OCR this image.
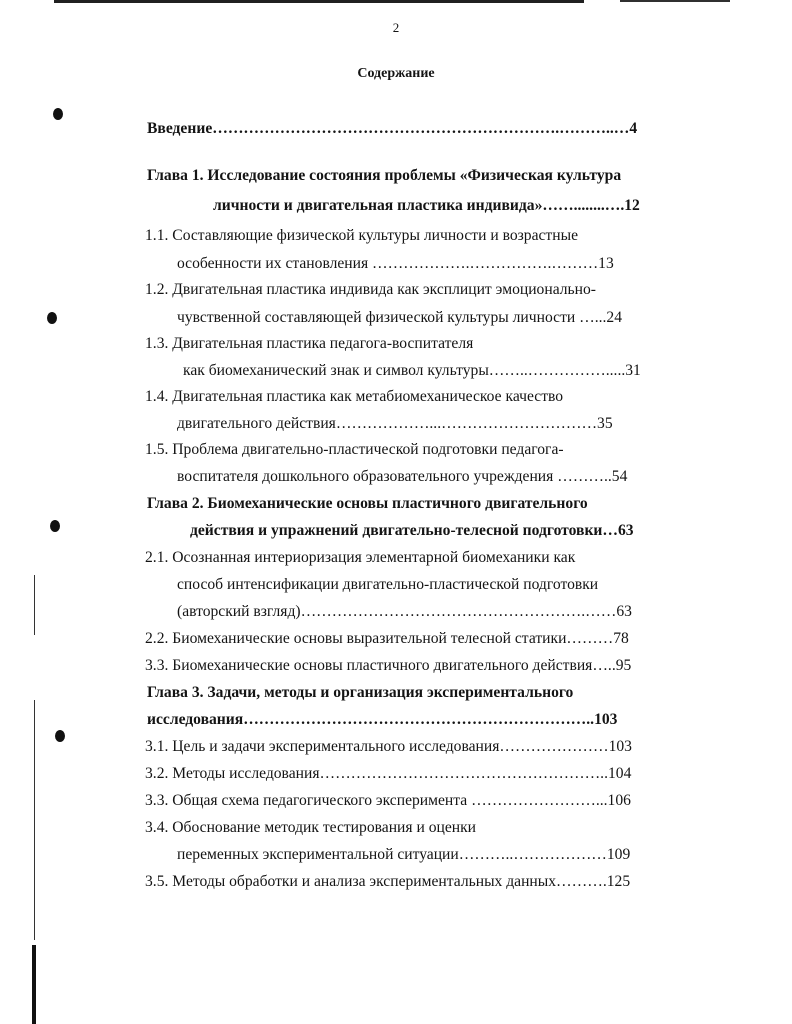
2
Содержание
Введение………………………………………………………….………..…4
Глава 1. Исследование состояния проблемы «Физическая культура
личности и двигательная пластика индивида»……........….12
1.1. Составляющие физической культуры личности и возрастные
особенности их становления ……………….…………….………13
1.2. Двигательная пластика индивида как эксплицит эмоционально-
чувственной составляющей физической культуры личности …...24
1.3. Двигательная пластика педагога-воспитателя
как биомеханический знак и символ культуры……..…………….....31
1.4. Двигательная пластика как метабиомеханическое качество
двигательного действия………………...…………………………35
1.5. Проблема двигательно-пластической подготовки педагога-
воспитателя дошкольного образовательного учреждения ………..54
Глава 2. Биомеханические основы пластичного двигательного
действия и упражнений двигательно-телесной подготовки…63
2.1. Осознанная интериоризация элементарной биомеханики как
способ интенсификации двигательно-пластической подготовки
(авторский взгляд)……………………………………………….……63
2.2. Биомеханические основы выразительной телесной статики………78
3.3. Биомеханические основы пластичного двигательного действия…..95
Глава 3. Задачи, методы и организация экспериментального
исследования…………………………………………………………..103
3.1. Цель и задачи экспериментального исследования…………………103
3.2. Методы исследования………………………………………………..104
3.3. Общая схема педагогического эксперимента ……………………...106
3.4. Обоснование методик тестирования и оценки
переменных экспериментальной ситуации………..………………109
3.5. Методы обработки и анализа экспериментальных данных……….125
